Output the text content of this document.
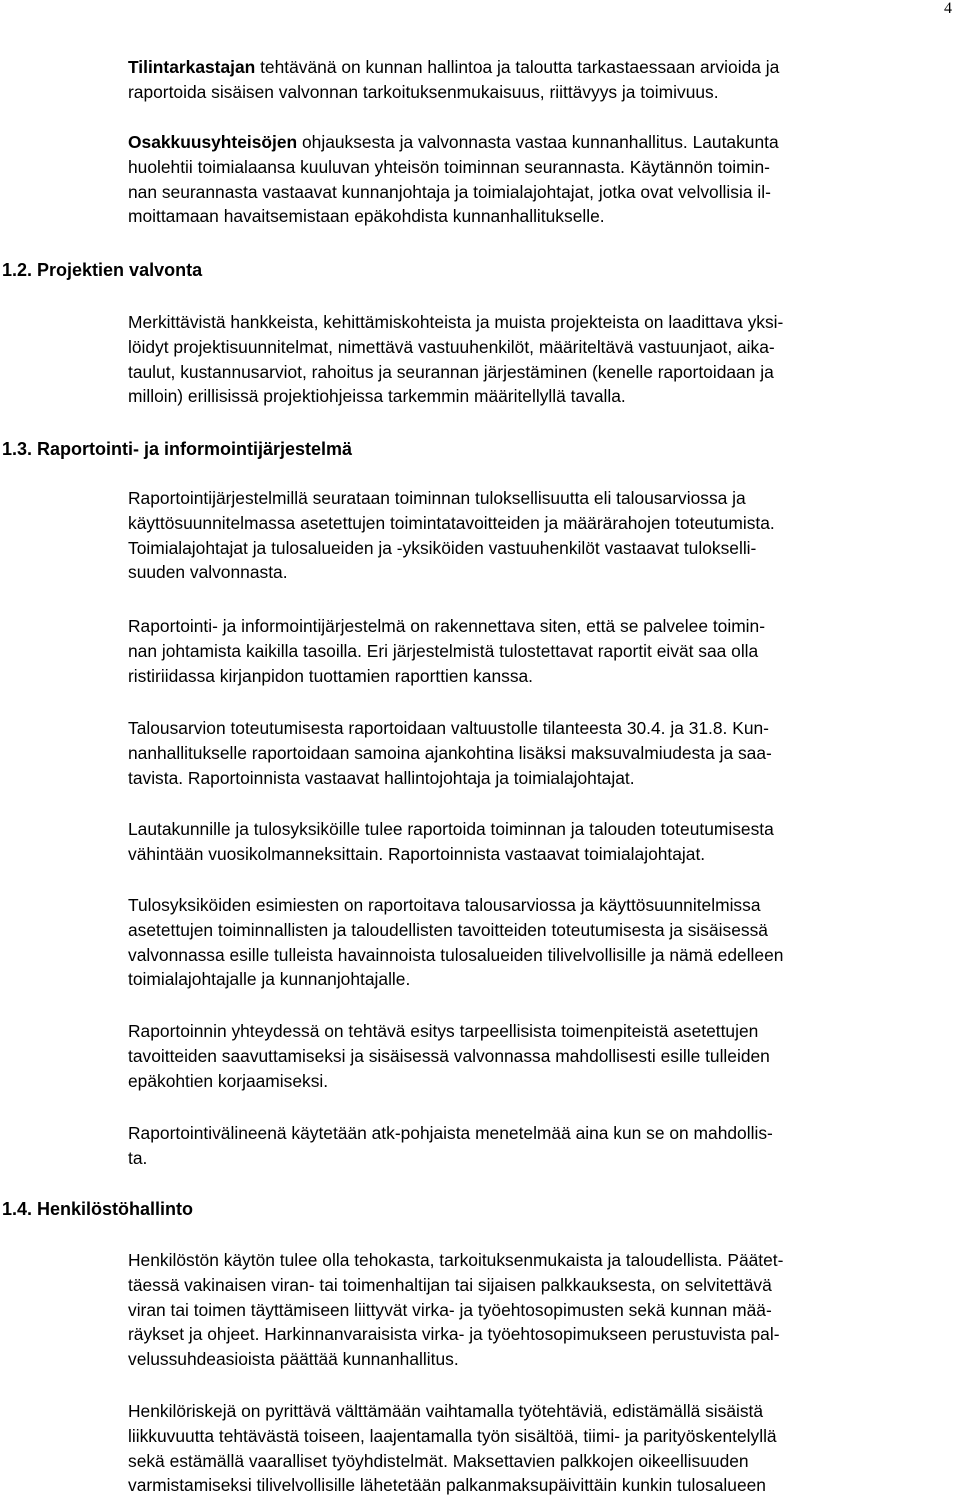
4
Tilintarkastajan tehtävänä on kunnan hallintoa ja taloutta tarkastaessaan arvioida ja
raportoida sisäisen valvonnan tarkoituksenmukaisuus, riittävyys ja toimivuus.
Osakkuusyhteisöjen ohjauksesta ja valvonnasta vastaa kunnanhallitus. Lautakunta
huolehtii toimialaansa kuuluvan yhteisön toiminnan seurannasta. Käytännön toimin-
nan seurannasta vastaavat kunnanjohtaja ja toimialajohtajat, jotka ovat velvollisia il-
moittamaan havaitsemistaan epäkohdista kunnanhallitukselle.
1.2. Projektien valvonta
Merkittävistä hankkeista, kehittämiskohteista ja muista projekteista on laadittava yksi-
löidyt projektisuunnitelmat, nimettävä vastuuhenkilöt, määriteltävä vastuunjaot, aika-
taulut, kustannusarviot, rahoitus ja seurannan järjestäminen (kenelle raportoidaan ja
milloin) erillisissä projektiohjeissa tarkemmin määritellyllä tavalla.
1.3. Raportointi- ja informointijärjestelmä
Raportointijärjestelmillä seurataan toiminnan tuloksellisuutta eli talousarviossa ja
käyttösuunnitelmassa asetettujen toimintatavoitteiden ja määrärahojen toteutumista.
Toimialajohtajat ja tulosalueiden ja -yksiköiden vastuuhenkilöt vastaavat tulokselli-
suuden valvonnasta.
Raportointi- ja informointijärjestelmä on rakennettava siten, että se palvelee toimin-
nan johtamista kaikilla tasoilla. Eri järjestelmistä tulostettavat raportit eivät saa olla
ristiriidassa kirjanpidon tuottamien raporttien kanssa.
Talousarvion toteutumisesta raportoidaan valtuustolle tilanteesta 30.4. ja 31.8. Kun-
nanhallitukselle raportoidaan samoina ajankohtina lisäksi maksuvalmiudesta ja saa-
tavista. Raportoinnista vastaavat hallintojohtaja ja toimialajohtajat.
Lautakunnille ja tulosyksiköille tulee raportoida toiminnan ja talouden toteutumisesta
vähintään vuosikolmanneksittain. Raportoinnista vastaavat toimialajohtajat.
Tulosyksiköiden esimiesten on raportoitava talousarviossa ja käyttösuunnitelmissa
asetettujen toiminnallisten ja taloudellisten tavoitteiden toteutumisesta ja sisäisessä
valvonnassa esille tulleista havainnoista tulosalueiden tilivelvollisille ja nämä edelleen
toimialajohtajalle ja kunnanjohtajalle.
Raportoinnin yhteydessä on tehtävä esitys tarpeellisista toimenpiteistä asetettujen
tavoitteiden saavuttamiseksi ja sisäisessä valvonnassa mahdollisesti esille tulleiden
epäkohtien korjaamiseksi.
Raportointivälineenä käytetään atk-pohjaista menetelmää aina kun se on mahdollis-
ta.
1.4. Henkilöstöhallinto
Henkilöstön käytön tulee olla tehokasta, tarkoituksenmukaista ja taloudellista. Päätet-
täessä vakinaisen viran- tai toimenhaltijan tai sijaisen palkkauksesta, on selvitettävä
viran tai toimen täyttämiseen liittyvät virka- ja työehtosopimusten sekä kunnan mää-
räykset ja ohjeet. Harkinnanvaraisista virka- ja työehtosopimukseen perustuvista pal-
velussuhdeasioista päättää kunnanhallitus.
Henkilöriskejä on pyrittävä välttämään vaihtamalla työtehtäviä, edistämällä sisäistä
liikkuvuutta tehtävästä toiseen, laajentamalla työn sisältöä, tiimi- ja parityöskentelyllä
sekä estämällä vaaralliset työyhdistelmät. Maksettavien palkkojen oikeellisuuden
varmistamiseksi tilivelvollisille lähetetään palkanmaksupäivittäin kunkin tulosalueen
